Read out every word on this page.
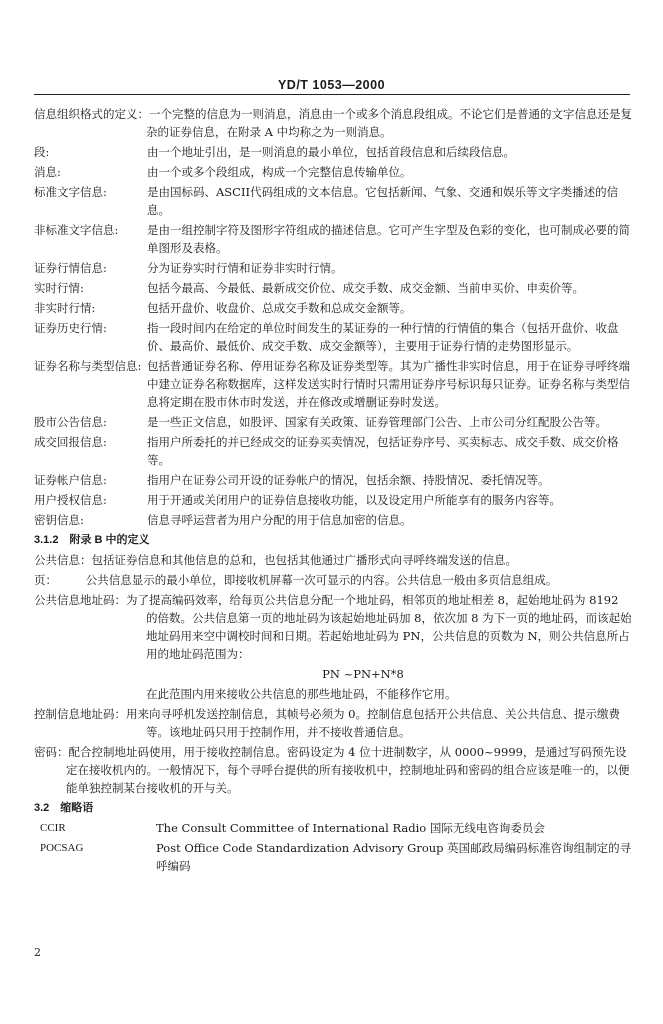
YD/T 1053—2000
信息组织格式的定义：一个完整的信息为一则消息，消息由一个或多个消息段组成。不论它们是普通的文字信息还是复杂的证券信息，在附录 A 中均称之为一则消息。
段:	由一个地址引出，是一则消息的最小单位，包括首段信息和后续段信息。
消息:	由一个或多个段组成，构成一个完整信息传输单位。
标准文字信息:	是由国标码、ASCII代码组成的文本信息。它包括新闻、气象、交通和娱乐等文字类播述的信息。
非标准文字信息:	是由一组控制字符及图形字符组成的描述信息。它可产生字型及色彩的变化，也可制成必要的简单图形及表格。
证券行情信息:	分为证券实时行情和证券非实时行情。
实时行情:	包括今最高、今最低、最新成交价位、成交手数、成交金额、当前申买价、申卖价等。
非实时行情:	包括开盘价、收盘价、总成交手数和总成交金额等。
证券历史行情:	指一段时间内在给定的单位时间发生的某证券的一种行情的行情值的集合（包括开盘价、收盘价、最高价、最低价、成交手数、成交金额等），主要用于证券行情的走势图形显示。
证券名称与类型信息: 包括普通证券名称、停用证券名称及证券类型等。其为广播性非实时信息，用于在证券寻呼终端中建立证券名称数据库，这样发送实时行情时只需用证券序号标识每只证券。证券名称与类型信息将定期在股市休市时发送，并在修改或增删证券时发送。
股市公告信息:	是一些正文信息，如股评、国家有关政策、证券管理部门公告、上市公司分红配股公告等。
成交回报信息:	指用户所委托的并已经成交的证券买卖情况，包括证券序号、买卖标志、成交手数、成交价格等。
证券帐户信息:	指用户在证券公司开设的证券帐户的情况，包括余额、持股情况、委托情况等。
用户授权信息:	用于开通或关闭用户的证券信息接收功能，以及设定用户所能享有的服务内容等。
密钥信息:	信息寻呼运营者为用户分配的用于信息加密的信息。
3.1.2　附录 B 中的定义
公共信息：包括证券信息和其他信息的总和，也包括其他通过广播形式向寻呼终端发送的信息。
页：　　　公共信息显示的最小单位，即接收机屏幕一次可显示的内容。公共信息一般由多页信息组成。
公共信息地址码：为了提高编码效率，给每页公共信息分配一个地址码，相邻页的地址相差 8，起始地址码为 8192 的倍数。公共信息第一页的地址码为该起始地址码加 8，依次加 8 为下一页的地址码，而该起始地址码用来空中调校时间和日期。若起始地址码为 PN，公共信息的页数为 N，则公共信息所占用的地址码范围为：
PN ~PN+N*8
在此范围内用来接收公共信息的那些地址码，不能移作它用。
控制信息地址码：用来向寻呼机发送控制信息，其帧号必须为 0。控制信息包括开公共信息、关公共信息、提示缴费等。该地址码只用于控制作用，并不接收普通信息。
密码：配合控制地址码使用，用于接收控制信息。密码设定为 4 位十进制数字，从 0000~9999，是通过写码预先设定在接收机内的。一般情况下，每个寻呼台提供的所有接收机中，控制地址码和密码的组合应该是唯一的，以便能单独控制某台接收机的开与关。
3.2　缩略语
CCIR	The Consult Committee of International Radio 国际无线电咨询委员会
POCSAG	Post Office Code Standardization Advisory Group 英国邮政局编码标准咨询组制定的寻呼编码
2
